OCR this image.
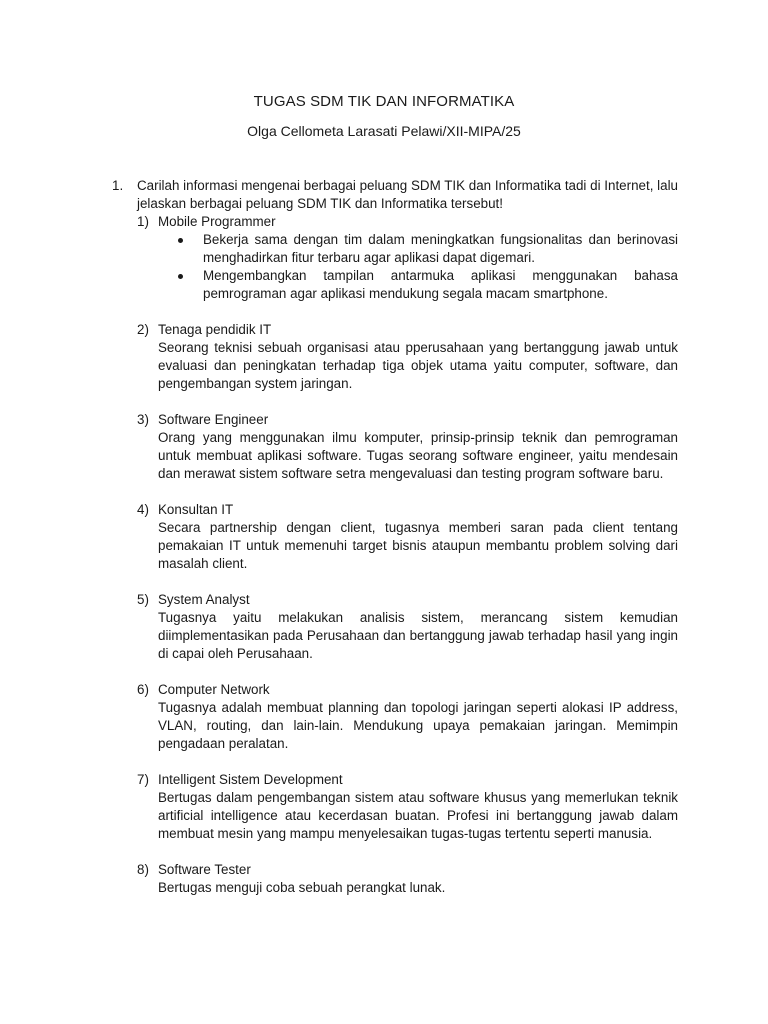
TUGAS SDM TIK DAN INFORMATIKA
Olga Cellometa Larasati Pelawi/XII-MIPA/25
1. Carilah informasi mengenai berbagai peluang SDM TIK dan Informatika tadi di Internet, lalu jelaskan berbagai peluang SDM TIK dan Informatika tersebut!
1) Mobile Programmer
Bekerja sama dengan tim dalam meningkatkan fungsionalitas dan berinovasi menghadirkan fitur terbaru agar aplikasi dapat digemari.
Mengembangkan tampilan antarmuka aplikasi menggunakan bahasa pemrograman agar aplikasi mendukung segala macam smartphone.
2) Tenaga pendidik IT
Seorang teknisi sebuah organisasi atau pperusahaan yang bertanggung jawab untuk evaluasi dan peningkatan terhadap tiga objek utama yaitu computer, software, dan pengembangan system jaringan.
3) Software Engineer
Orang yang menggunakan ilmu komputer, prinsip-prinsip teknik dan pemrograman untuk membuat aplikasi software. Tugas seorang software engineer, yaitu mendesain dan merawat sistem software setra mengevaluasi dan testing program software baru.
4) Konsultan IT
Secara partnership dengan client, tugasnya memberi saran pada client tentang pemakaian IT untuk memenuhi target bisnis ataupun membantu problem solving dari masalah client.
5) System Analyst
Tugasnya yaitu melakukan analisis sistem, merancang sistem kemudian diimplementasikan pada Perusahaan dan bertanggung jawab terhadap hasil yang ingin di capai oleh Perusahaan.
6) Computer Network
Tugasnya adalah membuat planning dan topologi jaringan seperti alokasi IP address, VLAN, routing, dan lain-lain. Mendukung upaya pemakaian jaringan. Memimpin pengadaan peralatan.
7) Intelligent Sistem Development
Bertugas dalam pengembangan sistem atau software khusus yang memerlukan teknik artificial intelligence atau kecerdasan buatan. Profesi ini bertanggung jawab dalam membuat mesin yang mampu menyelesaikan tugas-tugas tertentu seperti manusia.
8) Software Tester
Bertugas menguji coba sebuah perangkat lunak.
